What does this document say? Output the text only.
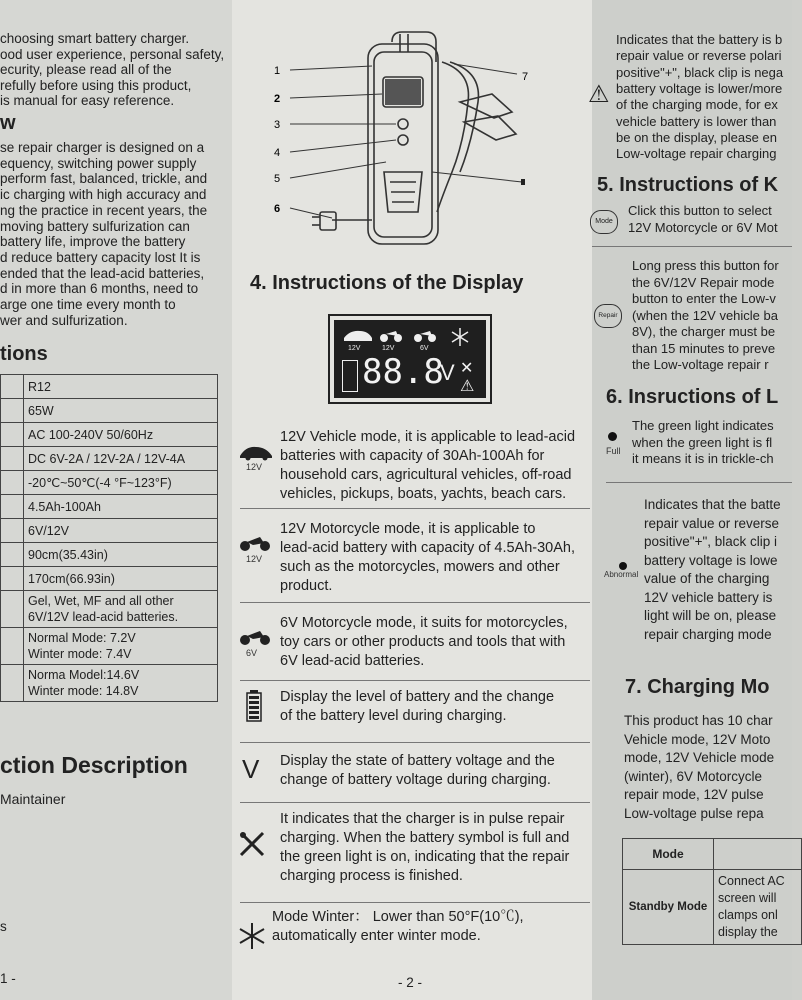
choosing smart battery charger.
ood user experience, personal safety,
ecurity, please read all of the
refully before using this product,
is manual for easy reference.
w
se repair charger is designed on a
equency, switching power supply
perform fast, balanced, trickle, and
ic charging with high accuracy and
ng the practice in recent years, the
moving battery sulfurization can
battery life, improve the battery
d reduce battery capacity lost It is
ended that the lead-acid batteries,
d in more than 6 months, need to
arge one time every month to
wer and sulfurization.
tions
	R12
	65W
	AC 100-240V 50/60Hz
	DC 6V-2A / 12V-2A / 12V-4A
	-20℃~50℃(-4 °F~123°F)
	4.5Ah-100Ah
	6V/12V
	90cm(35.43in)
	170cm(66.93in)
	Gel, Wet, MF and all other
6V/12V lead-acid batteries.
	Normal Mode: 7.2V
Winter mode: 7.4V
	Norma Model:14.6V
Winter mode: 14.8V
ction Description
Maintainer
s
1 -
1
2
3
4
5
6
7
4. Instructions of the Display
12V	12V	6V
88.8
V ✕
⚠
12V
12V Vehicle mode, it is applicable to lead-acid
batteries with capacity of 30Ah-100Ah for
household cars, agricultural vehicles, off-road
vehicles, pickups, boats, yachts, beach cars.
12V
12V Motorcycle mode, it is applicable to
lead-acid battery with capacity of 4.5Ah-30Ah,
such as the motorcycles, mowers and other
product.
6V
6V Motorcycle mode, it suits for motorcycles,
toy cars or other products and tools that with
6V lead-acid batteries.
Display the level of battery and the change
of the battery level during charging.
V Display the state of battery voltage and the
change of battery voltage during charging.
It indicates that the charger is in pulse repair
charging. When the battery symbol is full and
the green light is on, indicating that the repair
charging process is finished.
Mode Winter： Lower than 50°F(10℃),
automatically enter winter mode.
- 2 -
Indicates that the battery is b
repair value or reverse polari
positive"+", black clip is nega
battery voltage is lower/more
of the charging mode, for ex
vehicle battery is lower than
be on the display, please en
Low-voltage repair charging
⚠
5. Instructions of K
Mode
Click this button to select
12V Motorcycle or 6V Mot
Repair
Long press this button for
the 6V/12V Repair mode
button to enter the Low-v
(when the 12V vehicle ba
8V), the charger must be
than 15 minutes to preve
the Low-voltage repair r
6. Insructions of L
Full
The green light indicates
when the green light is fl
it means it is in trickle-ch
Abnormal
Indicates that the batte
repair value or reverse
positive"+", black clip i
battery voltage is lowe
value of the charging
12V vehicle battery is
light will be on, please
repair charging mode
7. Charging Mo
This product has 10 char
Vehicle mode, 12V Moto
mode, 12V Vehicle mode
(winter), 6V Motorcycle
repair mode, 12V pulse
Low-voltage pulse repa
Mode	
Standby Mode	Connect AC
screen will
clamps onl
display the
